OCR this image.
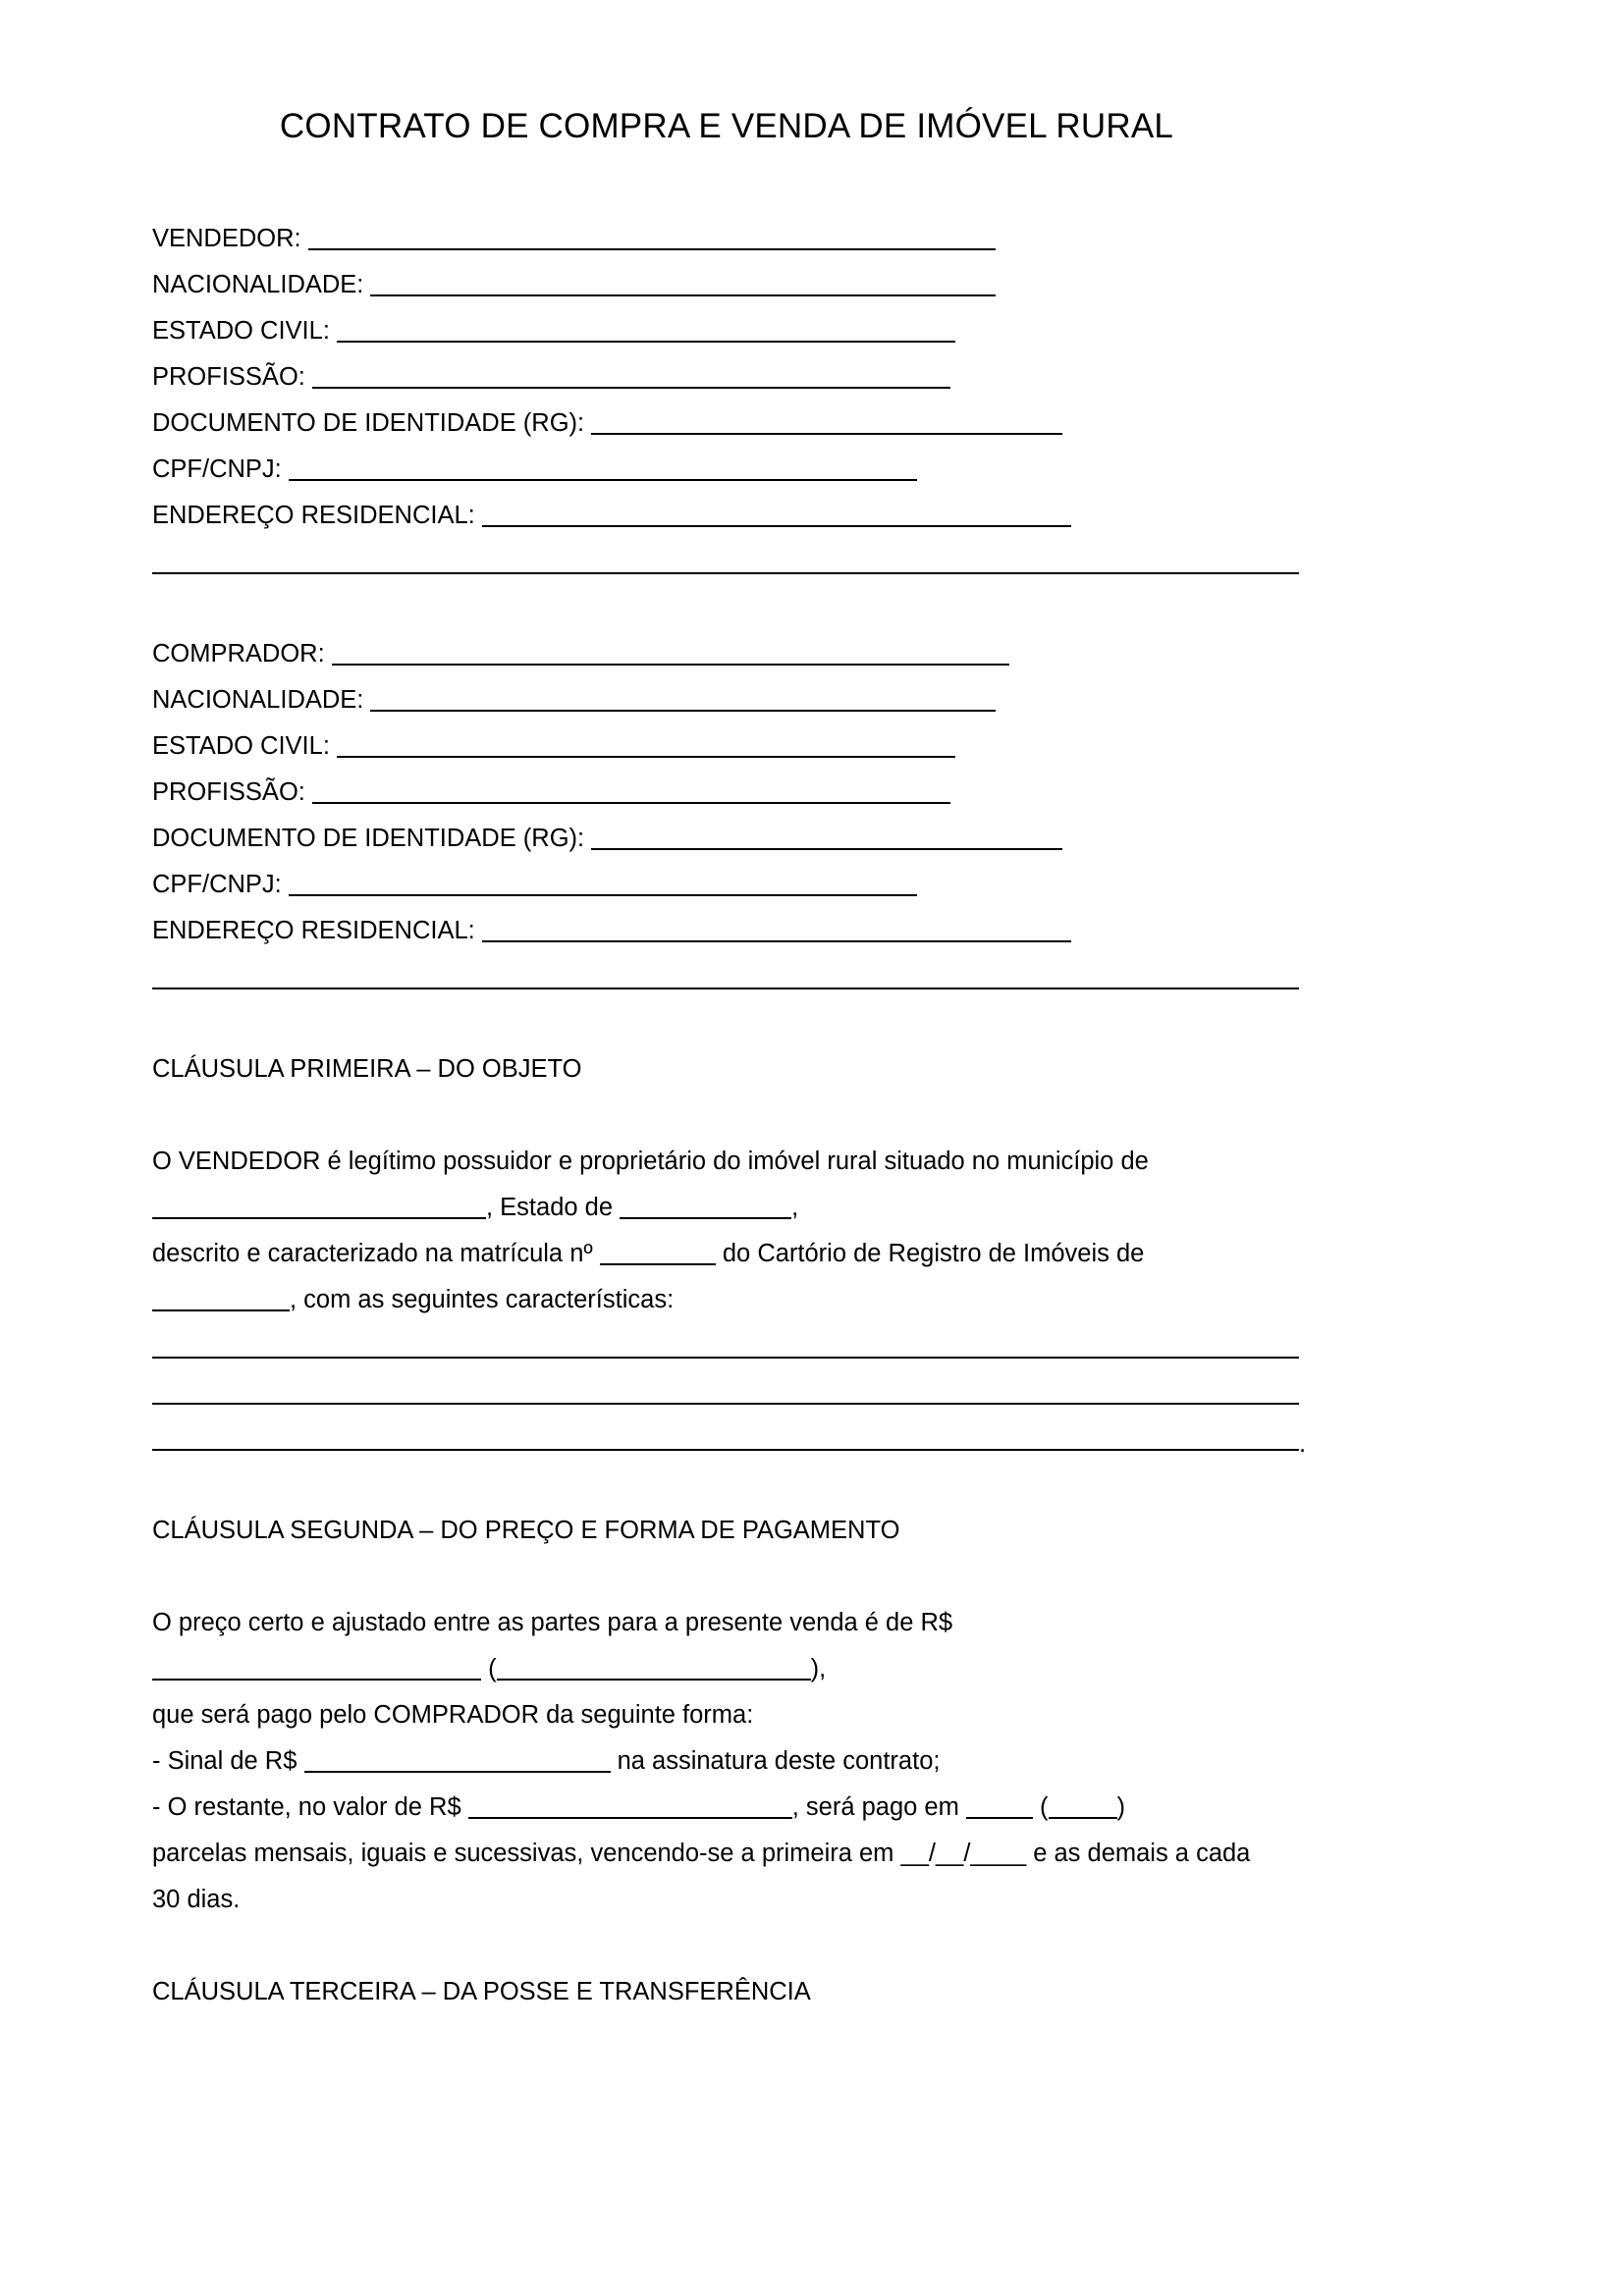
CONTRATO DE COMPRA E VENDA DE IMÓVEL RURAL
VENDEDOR:
NACIONALIDADE:
ESTADO CIVIL:
PROFISSÃO:
DOCUMENTO DE IDENTIDADE (RG):
CPF/CNPJ:
ENDEREÇO RESIDENCIAL:
COMPRADOR:
NACIONALIDADE:
ESTADO CIVIL:
PROFISSÃO:
DOCUMENTO DE IDENTIDADE (RG):
CPF/CNPJ:
ENDEREÇO RESIDENCIAL:
CLÁUSULA PRIMEIRA – DO OBJETO
O VENDEDOR é legítimo possuidor e proprietário do imóvel rural situado no município de
, Estado de	,
descrito e caracterizado na matrícula nº	do Cartório de Registro de Imóveis de
, com as seguintes características:
.
CLÁUSULA SEGUNDA – DO PREÇO E FORMA DE PAGAMENTO
O preço certo e ajustado entre as partes para a presente venda é de R$
(	),
que será pago pelo COMPRADOR da seguinte forma:
- Sinal de R$	na assinatura deste contrato;
- O restante, no valor de R$	, será pago em	(	)
parcelas mensais, iguais e sucessivas, vencendo-se a primeira em __/__/____ e as demais a cada
30 dias.
CLÁUSULA TERCEIRA – DA POSSE E TRANSFERÊNCIA
